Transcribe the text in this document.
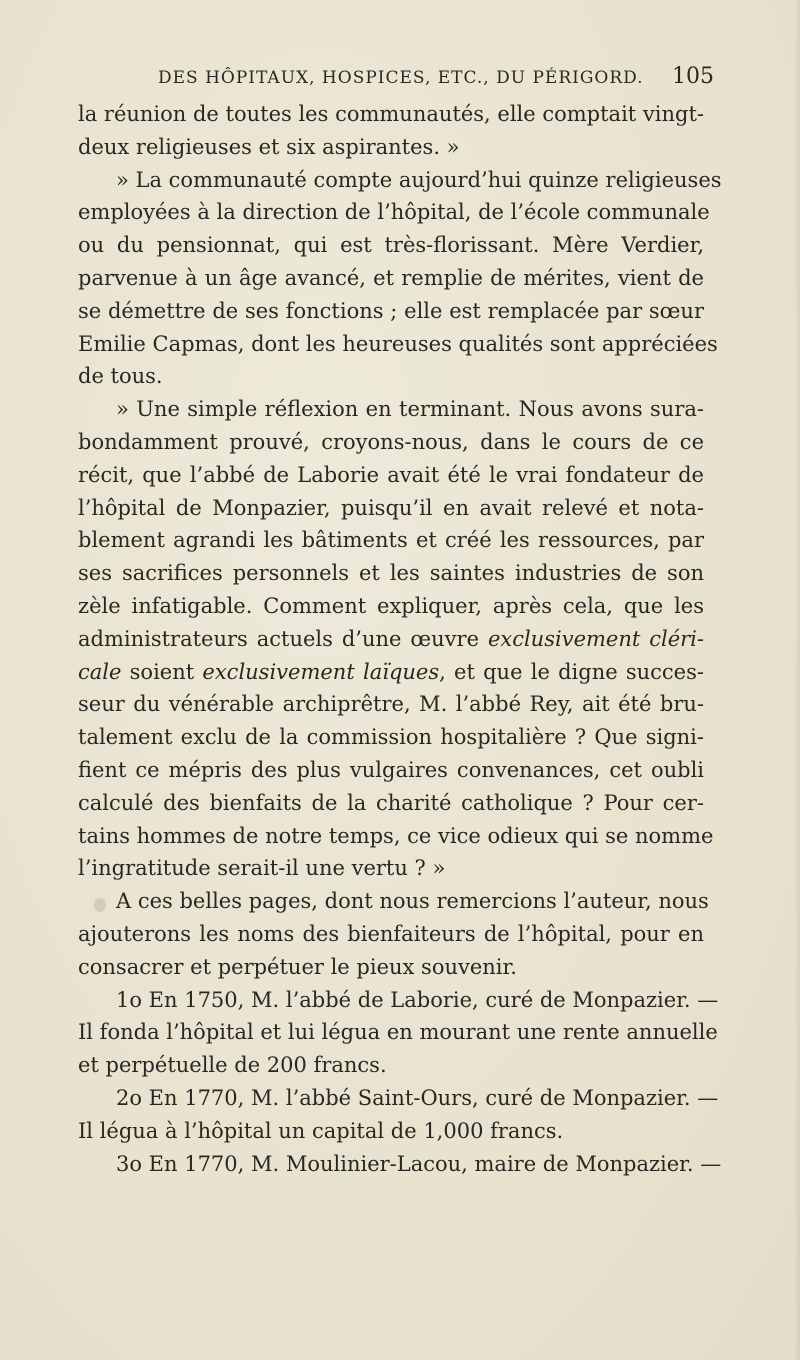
DES HÔPITAUX, HOSPICES, ETC., DU PÉRIGORD. 105
la réunion de toutes les communautés, elle comptait vingt-
deux religieuses et six aspirantes. »
» La communauté compte aujourd’hui quinze religieuses
employées à la direction de l’hôpital, de l’école communale
ou du pensionnat, qui est très-florissant. Mère Verdier,
parvenue à un âge avancé, et remplie de mérites, vient de
se démettre de ses fonctions ; elle est remplacée par sœur
Emilie Capmas, dont les heureuses qualités sont appréciées
de tous.
» Une simple réflexion en terminant. Nous avons sura-
bondamment prouvé, croyons-nous, dans le cours de ce
récit, que l’abbé de Laborie avait été le vrai fondateur de
l’hôpital de Monpazier, puisqu’il en avait relevé et nota-
blement agrandi les bâtiments et créé les ressources, par
ses sacrifices personnels et les saintes industries de son
zèle infatigable. Comment expliquer, après cela, que les
administrateurs actuels d’une œuvre exclusivement cléri-
cale soient exclusivement laïques, et que le digne succes-
seur du vénérable archiprêtre, M. l’abbé Rey, ait été bru-
talement exclu de la commission hospitalière ? Que signi-
fient ce mépris des plus vulgaires convenances, cet oubli
calculé des bienfaits de la charité catholique ? Pour cer-
tains hommes de notre temps, ce vice odieux qui se nomme
l’ingratitude serait-il une vertu ? »
A ces belles pages, dont nous remercions l’auteur, nous
ajouterons les noms des bienfaiteurs de l’hôpital, pour en
consacrer et perpétuer le pieux souvenir.
1o En 1750, M. l’abbé de Laborie, curé de Monpazier. —
Il fonda l’hôpital et lui légua en mourant une rente annuelle
et perpétuelle de 200 francs.
2o En 1770, M. l’abbé Saint-Ours, curé de Monpazier. —
Il légua à l’hôpital un capital de 1,000 francs.
3o En 1770, M. Moulinier-Lacou, maire de Monpazier. —
